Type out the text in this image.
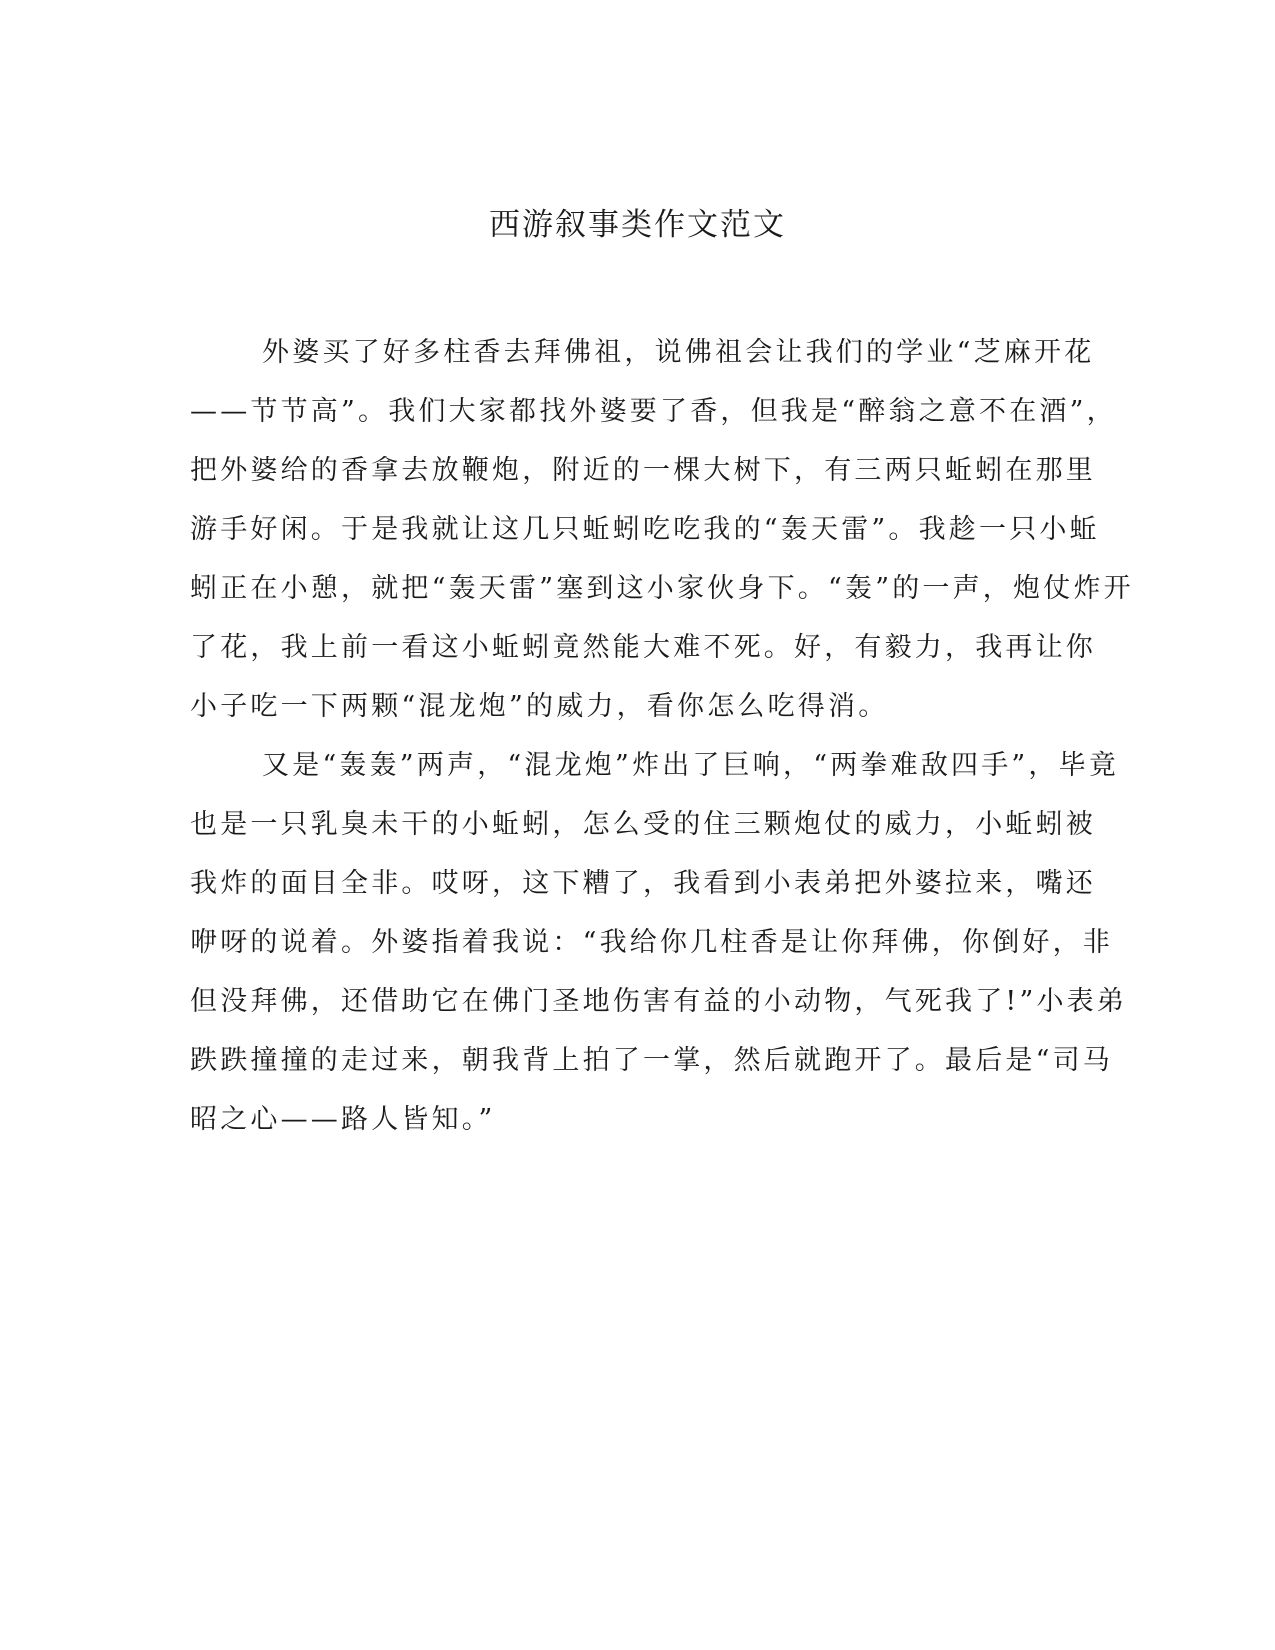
西游叙事类作文范文
外婆买了好多柱香去拜佛祖，说佛祖会让我们的学业“芝麻开花
——节节高”。我们大家都找外婆要了香，但我是“醉翁之意不在酒”，
把外婆给的香拿去放鞭炮，附近的一棵大树下，有三两只蚯蚓在那里
游手好闲。于是我就让这几只蚯蚓吃吃我的“轰天雷”。我趁一只小蚯
蚓正在小憩，就把“轰天雷”塞到这小家伙身下。“轰”的一声，炮仗炸开
了花，我上前一看这小蚯蚓竟然能大难不死。好，有毅力，我再让你
小子吃一下两颗“混龙炮”的威力，看你怎么吃得消。
又是“轰轰”两声，“混龙炮”炸出了巨响，“两拳难敌四手”，毕竟
也是一只乳臭未干的小蚯蚓，怎么受的住三颗炮仗的威力，小蚯蚓被
我炸的面目全非。哎呀，这下糟了，我看到小表弟把外婆拉来，嘴还
咿呀的说着。外婆指着我说：“我给你几柱香是让你拜佛，你倒好，非
但没拜佛，还借助它在佛门圣地伤害有益的小动物，气死我了!”小表弟
跌跌撞撞的走过来，朝我背上拍了一掌，然后就跑开了。最后是“司马
昭之心——路人皆知。”
